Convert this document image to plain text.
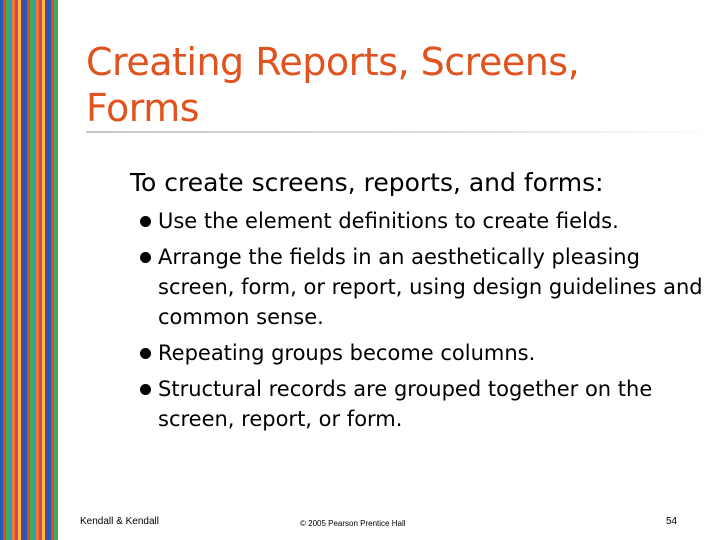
Creating Reports, Screens, Forms

To create screens, reports, and forms:

Use the element definitions to create fields.
Arrange the fields in an aesthetically pleasing screen, form, or report, using design guidelines and common sense.
Repeating groups become columns.
Structural records are grouped together on the screen, report, or form.
Kendall & Kendall	© 2005 Pearson Prentice Hall	54
